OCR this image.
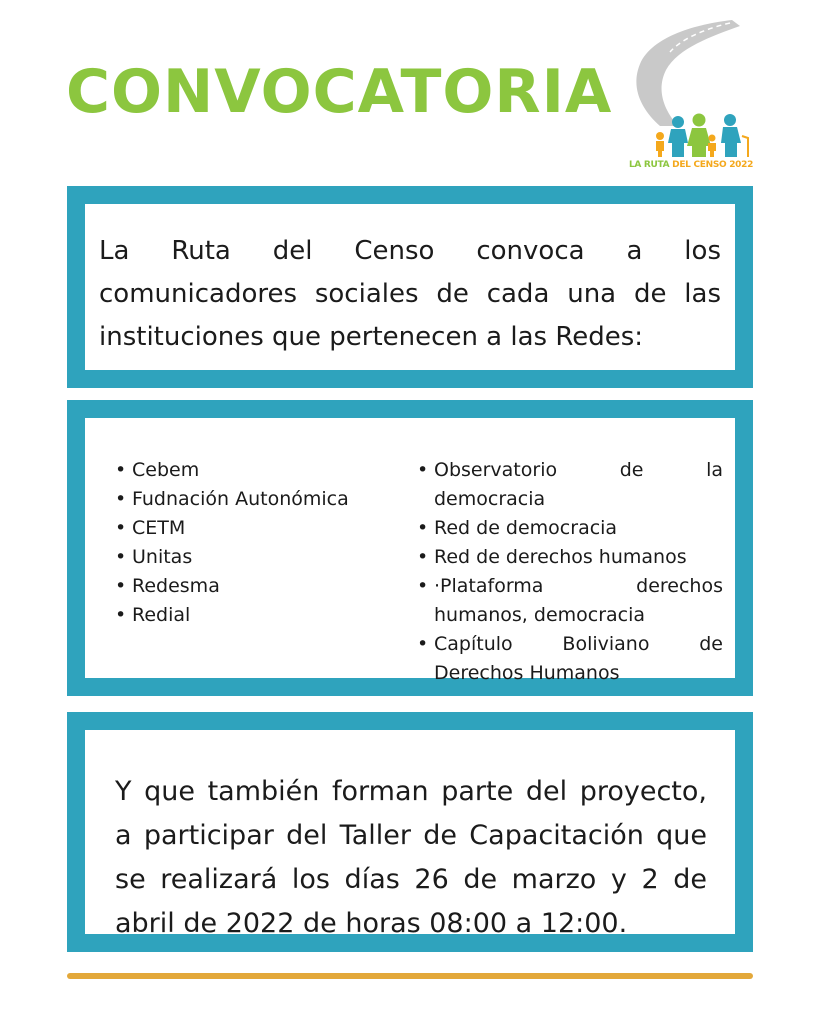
CONVOCATORIA
LA RUTA DEL CENSO 2022

La Ruta del Censo convoca a los comunicadores sociales de cada una de las instituciones que pertenecen a las Redes:

• Cebem
• Fudnación Autonómica
• CETM
• Unitas
• Redesma
• Redial
• Observatorio de la democracia
• Red de democracia
• Red de derechos humanos
• ·Plataforma derechos humanos, democracia
• Capítulo Boliviano de Derechos Humanos

Y que también forman parte del proyecto, a participar del Taller de Capacitación que se realizará los días 26 de marzo y 2 de abril de 2022 de horas 08:00 a 12:00.
